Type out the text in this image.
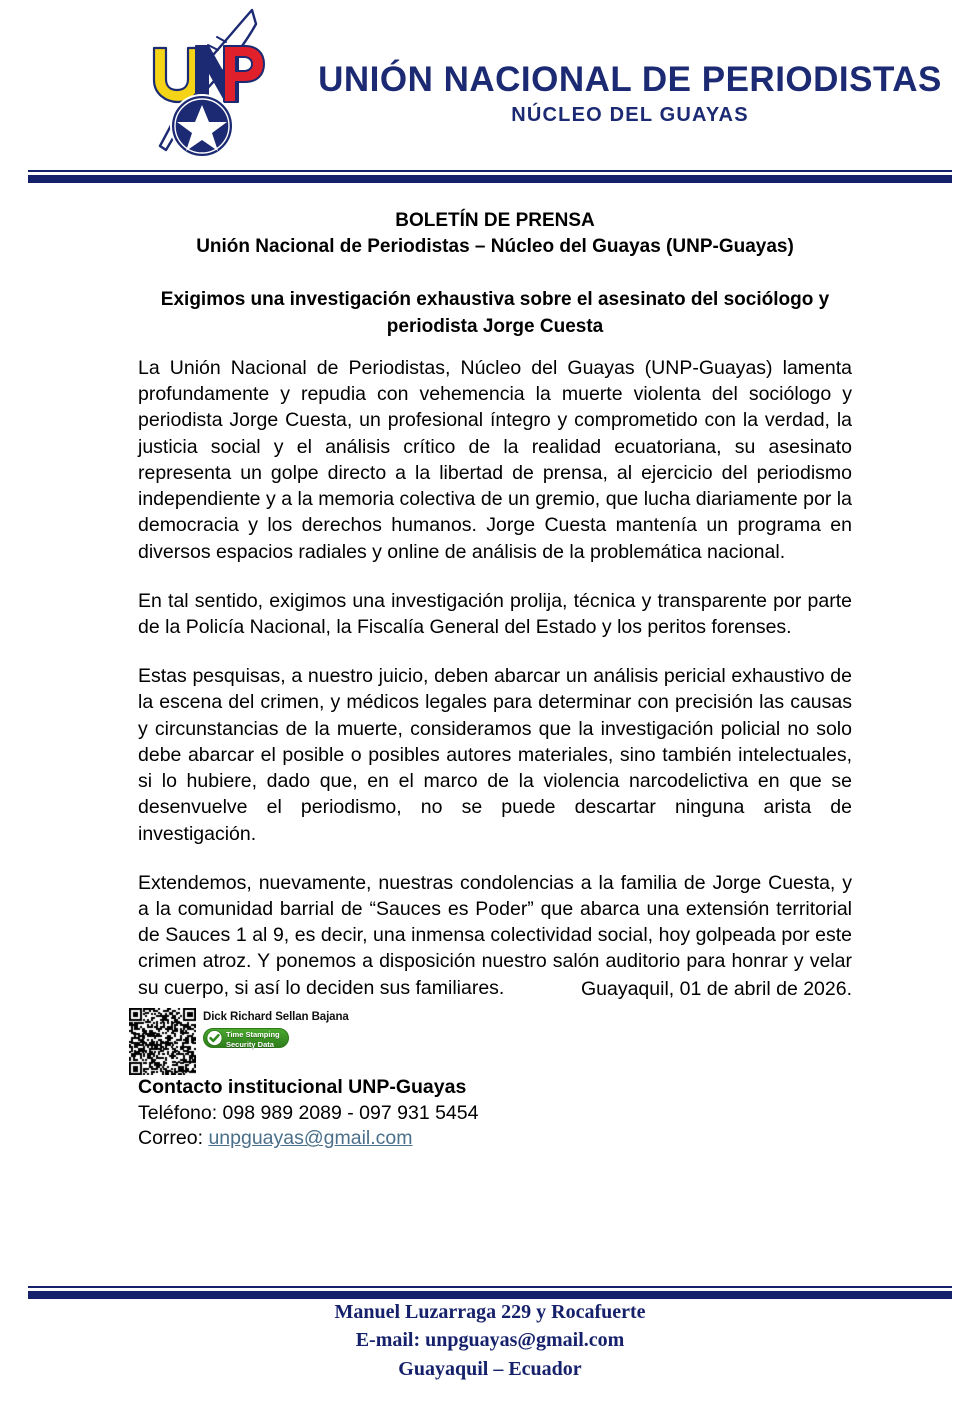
UNIÓN NACIONAL DE PERIODISTAS
NÚCLEO DEL GUAYAS
BOLETÍN DE PRENSA
Unión Nacional de Periodistas – Núcleo del Guayas (UNP-Guayas)
Exigimos una investigación exhaustiva sobre el asesinato del sociólogo y periodista Jorge Cuesta

La Unión Nacional de Periodistas, Núcleo del Guayas (UNP-Guayas) lamenta profundamente y repudia con vehemencia la muerte violenta del sociólogo y periodista Jorge Cuesta, un profesional íntegro y comprometido con la verdad, la justicia social y el análisis crítico de la realidad ecuatoriana, su asesinato representa un golpe directo a la libertad de prensa, al ejercicio del periodismo independiente y a la memoria colectiva de un gremio, que lucha diariamente por la democracia y los derechos humanos. Jorge Cuesta mantenía un programa en diversos espacios radiales y online de análisis de la problemática nacional.

En tal sentido, exigimos una investigación prolija, técnica y transparente por parte de la Policía Nacional, la Fiscalía General del Estado y los peritos forenses.

Estas pesquisas, a nuestro juicio, deben abarcar un análisis pericial exhaustivo de la escena del crimen, y médicos legales para determinar con precisión las causas y circunstancias de la muerte, consideramos que la investigación policial no solo debe abarcar el posible o posibles autores materiales, sino también intelectuales, si lo hubiere, dado que, en el marco de la violencia narcodelictiva en que se desenvuelve el periodismo, no se puede descartar ninguna arista de investigación.

Extendemos, nuevamente, nuestras condolencias a la familia de Jorge Cuesta, y a la comunidad barrial de “Sauces es Poder” que abarca una extensión territorial de Sauces 1 al 9, es decir, una inmensa colectividad social, hoy golpeada por este crimen atroz. Y ponemos a disposición nuestro salón auditorio para honrar y velar su cuerpo, si así lo deciden sus familiares.	Guayaquil, 01 de abril de 2026.
Dick Richard Sellan Bajana
Time Stamping
Security Data
Contacto institucional UNP-Guayas
Teléfono: 098 989 2089 - 097 931 5454
Correo: unpguayas@gmail.com
Manuel Luzarraga 229 y Rocafuerte
E-mail: unpguayas@gmail.com
Guayaquil – Ecuador
